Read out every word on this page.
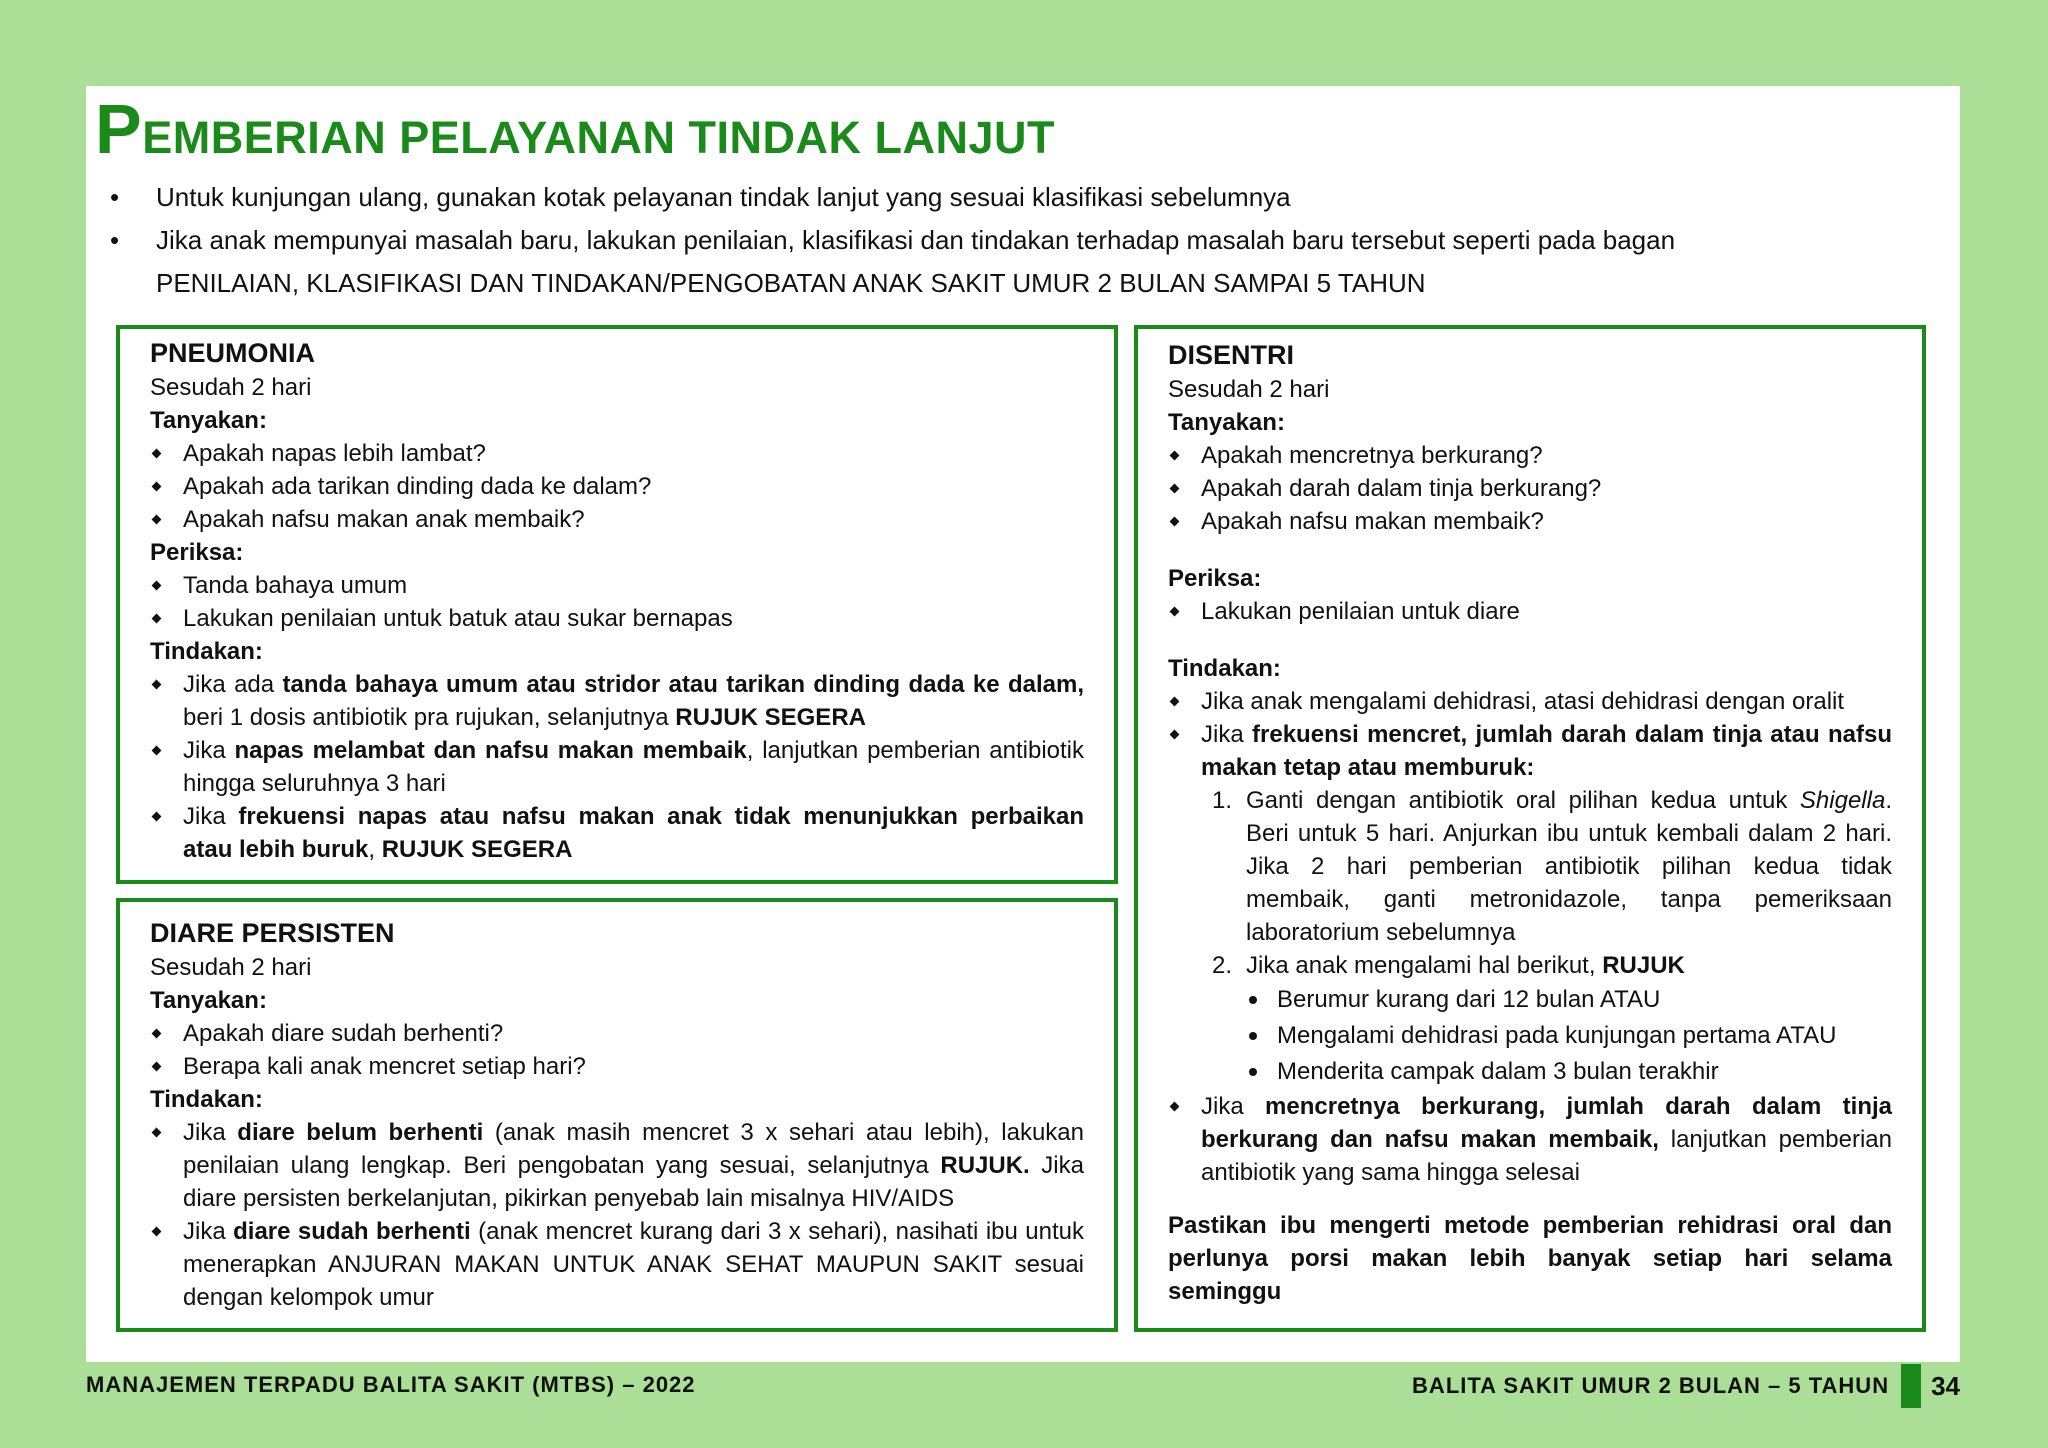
PEMBERIAN PELAYANAN TINDAK LANJUT
•	Untuk kunjungan ulang, gunakan kotak pelayanan tindak lanjut yang sesuai klasifikasi sebelumnya
•	Jika anak mempunyai masalah baru, lakukan penilaian, klasifikasi dan tindakan terhadap masalah baru tersebut seperti pada bagan
PENILAIAN, KLASIFIKASI DAN TINDAKAN/PENGOBATAN ANAK SAKIT UMUR 2 BULAN SAMPAI 5 TAHUN
PNEUMONIA
Sesudah 2 hari
Tanyakan:
Apakah napas lebih lambat?
Apakah ada tarikan dinding dada ke dalam?
Apakah nafsu makan anak membaik?
Periksa:
Tanda bahaya umum
Lakukan penilaian untuk batuk atau sukar bernapas
Tindakan:
Jika ada tanda bahaya umum atau stridor atau tarikan dinding dada ke dalam, beri 1 dosis antibiotik pra rujukan, selanjutnya RUJUK SEGERA
Jika napas melambat dan nafsu makan membaik, lanjutkan pemberian antibiotik hingga seluruhnya 3 hari
Jika frekuensi napas atau nafsu makan anak tidak menunjukkan perbaikan atau lebih buruk, RUJUK SEGERA
DIARE PERSISTEN
Sesudah 2 hari
Tanyakan:
Apakah diare sudah berhenti?
Berapa kali anak mencret setiap hari?
Tindakan:
Jika diare belum berhenti (anak masih mencret 3 x sehari atau lebih), lakukan penilaian ulang lengkap. Beri pengobatan yang sesuai, selanjutnya RUJUK. Jika diare persisten berkelanjutan, pikirkan penyebab lain misalnya HIV/AIDS
Jika diare sudah berhenti (anak mencret kurang dari 3 x sehari), nasihati ibu untuk menerapkan ANJURAN MAKAN UNTUK ANAK SEHAT MAUPUN SAKIT sesuai dengan kelompok umur
DISENTRI
Sesudah 2 hari
Tanyakan:
Apakah mencretnya berkurang?
Apakah darah dalam tinja berkurang?
Apakah nafsu makan membaik?
Periksa:
Lakukan penilaian untuk diare
Tindakan:
Jika anak mengalami dehidrasi, atasi dehidrasi dengan oralit
Jika frekuensi mencret, jumlah darah dalam tinja atau nafsu makan tetap atau memburuk:
1. Ganti dengan antibiotik oral pilihan kedua untuk Shigella. Beri untuk 5 hari. Anjurkan ibu untuk kembali dalam 2 hari. Jika 2 hari pemberian antibiotik pilihan kedua tidak membaik, ganti metronidazole, tanpa pemeriksaan laboratorium sebelumnya
2. Jika anak mengalami hal berikut, RUJUK
Berumur kurang dari 12 bulan ATAU
Mengalami dehidrasi pada kunjungan pertama ATAU
Menderita campak dalam 3 bulan terakhir
Jika mencretnya berkurang, jumlah darah dalam tinja berkurang dan nafsu makan membaik, lanjutkan pemberian antibiotik yang sama hingga selesai
Pastikan ibu mengerti metode pemberian rehidrasi oral dan perlunya porsi makan lebih banyak setiap hari selama seminggu
MANAJEMEN TERPADU BALITA SAKIT (MTBS) – 2022	BALITA SAKIT UMUR 2 BULAN – 5 TAHUN 34
